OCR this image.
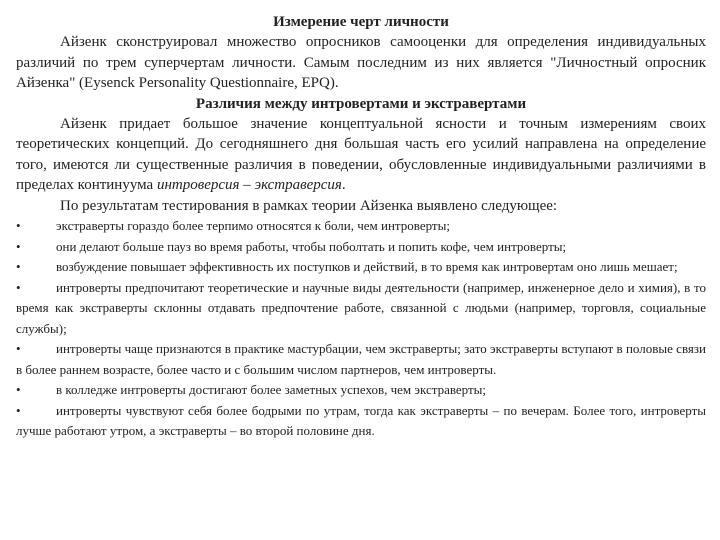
Измерение черт личности

Айзенк сконструировал множество опросников самооценки для определения индивидуальных различий по трем суперчертам личности. Самым последним из них является "Личностный опросник Айзенка" (Eysenck Personality Questionnaire, EPQ).

Различия между интровертами и экстравертами

Айзенк придает большое значение концептуальной ясности и точным измерениям своих теоретических концепций. До сегодняшнего дня большая часть его усилий направлена на определение того, имеются ли существенные различия в поведении, обусловленные индивидуальными различиями в пределах континуума интроверсия – экстраверсия.

По результатам тестирования в рамках теории Айзенка выявлено следующее:

•	экстраверты гораздо более терпимо относятся к боли, чем интроверты;

•	они делают больше пауз во время работы, чтобы поболтать и попить кофе, чем интроверты;

•	возбуждение повышает эффективность их поступков и действий, в то время как интровертам оно лишь мешает;

•	интроверты предпочитают теоретические и научные виды деятельности (например, инженерное дело и химия), в то время как экстраверты склонны отдавать предпочтение работе, связанной с людьми (например, торговля, социальные службы);

•	интроверты чаще признаются в практике мастурбации, чем экстраверты; зато экстраверты вступают в половые связи в более раннем возрасте, более часто и с большим числом партнеров, чем интроверты.

•	в колледже интроверты достигают более заметных успехов, чем экстраверты;

•	интроверты чувствуют себя более бодрыми по утрам, тогда как экстраверты – по вечерам. Более того, интроверты лучше работают утром, а экстраверты – во второй половине дня.
